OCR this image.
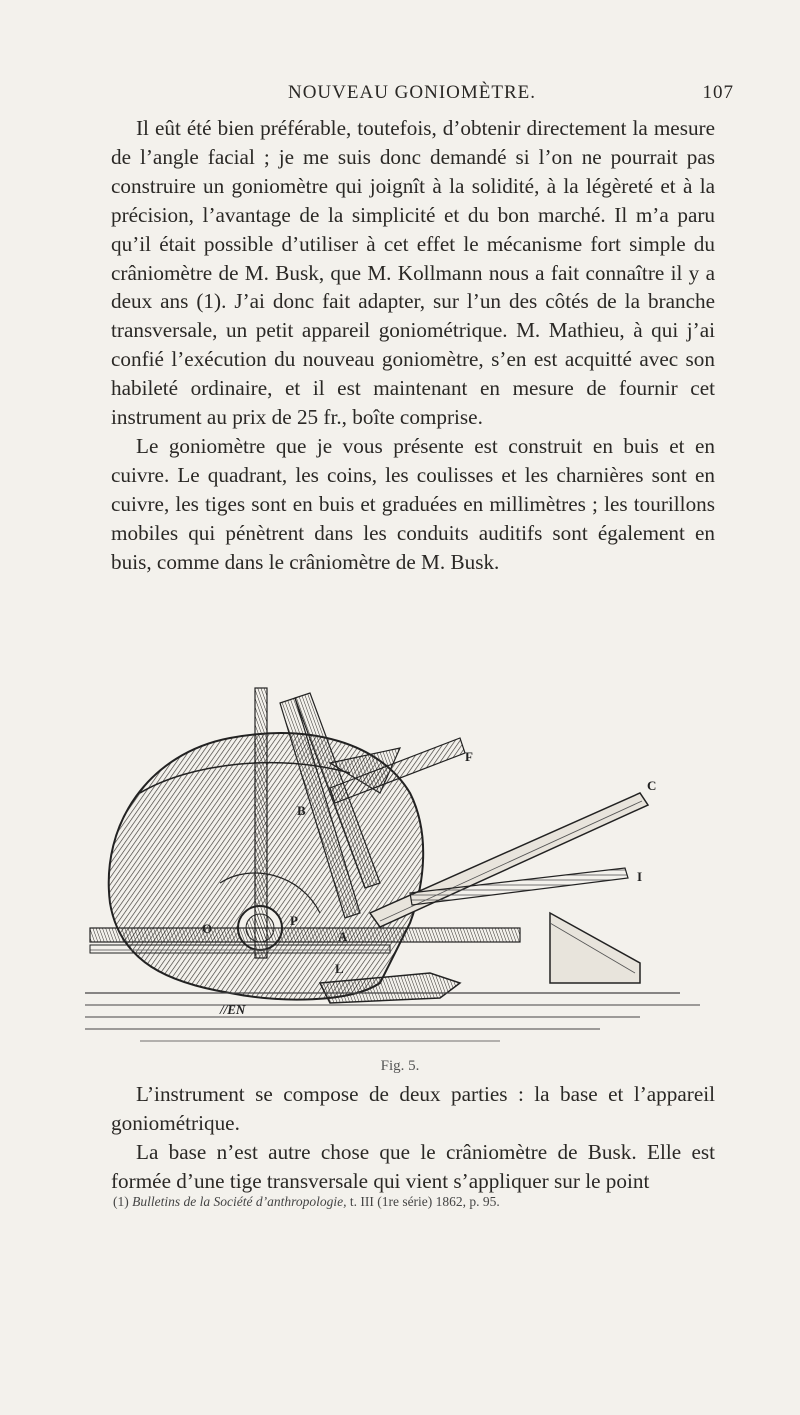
NOUVEAU GONIOMÈTRE.	107

Il eût été bien préférable, toutefois, d’obtenir directement la mesure de l’angle facial ; je me suis donc demandé si l’on ne pourrait pas construire un goniomètre qui joignît à la solidité, à la légèreté et à la précision, l’avantage de la simplicité et du bon marché. Il m’a paru qu’il était possible d’utiliser à cet effet le mécanisme fort simple du crâniomètre de M. Busk, que M. Kollmann nous a fait connaître il y a deux ans (1). J’ai donc fait adapter, sur l’un des côtés de la branche transversale, un petit appareil goniométrique. M. Mathieu, à qui j’ai confié l’exécution du nouveau goniomètre, s’en est acquitté avec son habileté ordinaire, et il est maintenant en mesure de fournir cet instrument au prix de 25 fr., boîte comprise.

Le goniomètre que je vous présente est construit en buis et en cuivre. Le quadrant, les coins, les coulisses et les charnières sont en cuivre, les tiges sont en buis et graduées en millimètres ; les tourillons mobiles qui pénètrent dans les conduits auditifs sont également en buis, comme dans le crâniomètre de M. Busk.

B
F
C
I
P
A
O
L
//EN
Fig. 5.

L’instrument se compose de deux parties : la base et l’appareil goniométrique.

La base n’est autre chose que le crâniomètre de Busk. Elle est formée d’une tige transversale qui vient s’appliquer sur le point

(1) Bulletins de la Société d’anthropologie, t. III (1re série) 1862, p. 95.
